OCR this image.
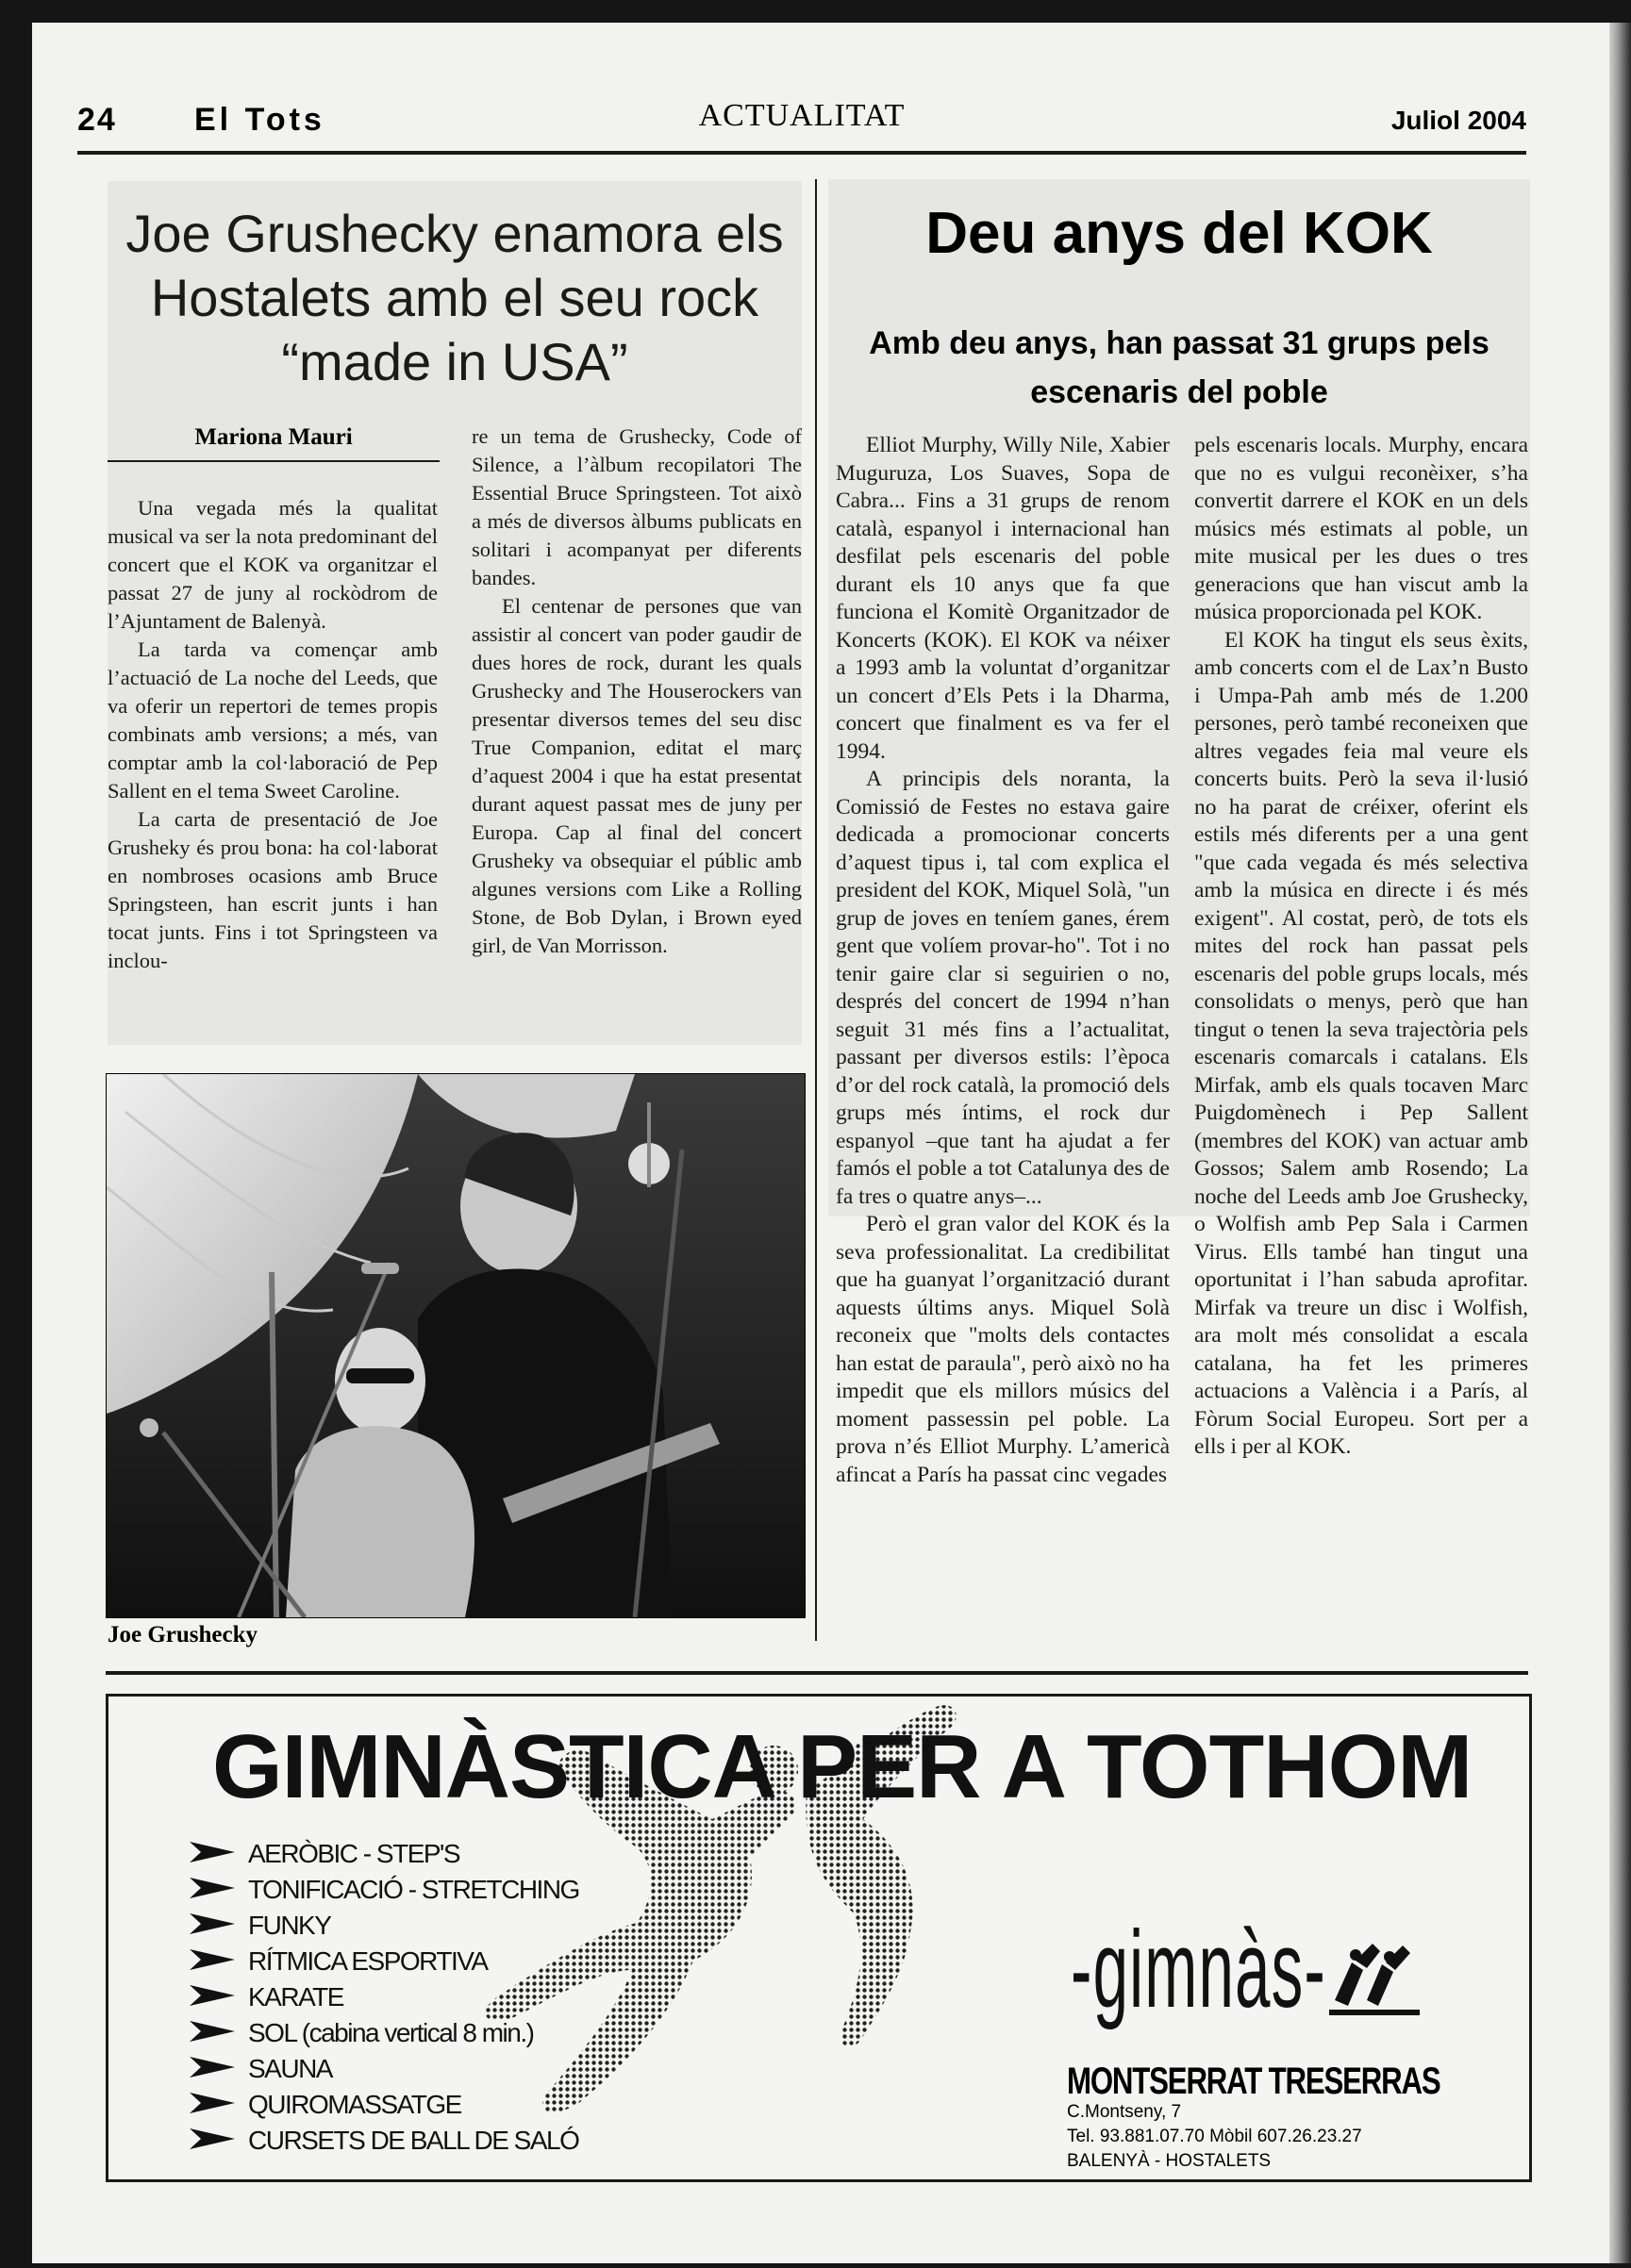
24 El Tots	ACTUALITAT	Juliol 2004
Joe Grushecky enamora els Hostalets amb el seu rock “made in USA”
Mariona Mauri

Una vegada més la qualitat musical va ser la nota predominant del concert que el KOK va organitzar el passat 27 de juny al rockòdrom de l’Ajuntament de Balenyà.

La tarda va començar amb l’actuació de La noche del Leeds, que va oferir un repertori de temes propis combinats amb versions; a més, van comptar amb la col·laboració de Pep Sallent en el tema Sweet Caroline.

La carta de presentació de Joe Grusheky és prou bona: ha col·laborat en nombroses ocasions amb Bruce Springsteen, han escrit junts i han tocat junts. Fins i tot Springsteen va inclou-

re un tema de Grushecky, Code of Silence, a l’àlbum recopilatori The Essential Bruce Springsteen. Tot això a més de diversos àlbums publicats en solitari i acompanyat per diferents bandes.

El centenar de persones que van assistir al concert van poder gaudir de dues hores de rock, durant les quals Grushecky and The Houserockers van presentar diversos temes del seu disc True Companion, editat el març d’aquest 2004 i que ha estat presentat durant aquest passat mes de juny per Europa. Cap al final del concert Grusheky va obsequiar el públic amb algunes versions com Like a Rolling Stone, de Bob Dylan, i Brown eyed girl, de Van Morrisson.

Joe Grushecky
Deu anys del KOK
Amb deu anys, han passat 31 grups pels escenaris del poble

Elliot Murphy, Willy Nile, Xabier Muguruza, Los Suaves, Sopa de Cabra... Fins a 31 grups de renom català, espanyol i internacional han desfilat pels escenaris del poble durant els 10 anys que fa que funciona el Komitè Organitzador de Koncerts (KOK). El KOK va néixer a 1993 amb la voluntat d’organitzar un concert d’Els Pets i la Dharma, concert que finalment es va fer el 1994.

A principis dels noranta, la Comissió de Festes no estava gaire dedicada a promocionar concerts d’aquest tipus i, tal com explica el president del KOK, Miquel Solà, "un grup de joves en teníem ganes, érem gent que volíem provar-ho". Tot i no tenir gaire clar si seguirien o no, després del concert de 1994 n’han seguit 31 més fins a l’actualitat, passant per diversos estils: l’època d’or del rock català, la promoció dels grups més íntims, el rock dur espanyol –que tant ha ajudat a fer famós el poble a tot Catalunya des de fa tres o quatre anys–...

Però el gran valor del KOK és la seva professionalitat. La credibilitat que ha guanyat l’organització durant aquests últims anys. Miquel Solà reconeix que "molts dels contactes han estat de paraula", però això no ha impedit que els millors músics del moment passessin pel poble. La prova n’és Elliot Murphy. L’americà afincat a París ha passat cinc vegades

pels escenaris locals. Murphy, encara que no es vulgui reconèixer, s’ha convertit darrere el KOK en un dels músics més estimats al poble, un mite musical per les dues o tres generacions que han viscut amb la música proporcionada pel KOK.

El KOK ha tingut els seus èxits, amb concerts com el de Lax’n Busto i Umpa-Pah amb més de 1.200 persones, però també reconeixen que altres vegades feia mal veure els concerts buits. Però la seva il·lusió no ha parat de créixer, oferint els estils més diferents per a una gent "que cada vegada és més selectiva amb la música en directe i és més exigent". Al costat, però, de tots els mites del rock han passat pels escenaris del poble grups locals, més consolidats o menys, però que han tingut o tenen la seva trajectòria pels escenaris comarcals i catalans. Els Mirfak, amb els quals tocaven Marc Puigdomènech i Pep Sallent (membres del KOK) van actuar amb Gossos; Salem amb Rosendo; La noche del Leeds amb Joe Grushecky, o Wolfish amb Pep Sala i Carmen Virus. Ells també han tingut una oportunitat i l’han sabuda aprofitar. Mirfak va treure un disc i Wolfish, ara molt més consolidat a escala catalana, ha fet les primeres actuacions a València i a París, al Fòrum Social Europeu. Sort per a ells i per al KOK.

GIMNÀSTICA PER A TOTHOM
AERÒBIC - STEP'S
TONIFICACIÓ - STRETCHING
FUNKY
RÍTMICA ESPORTIVA
KARATE
SOL (cabina vertical 8 min.)
SAUNA
QUIROMASSATGE
CURSETS DE BALL DE SALÓ
-gimnàs-
MONTSERRAT TRESERRAS
C.Montseny, 7
Tel. 93.881.07.70 Mòbil 607.26.23.27
BALENYÀ - HOSTALETS
